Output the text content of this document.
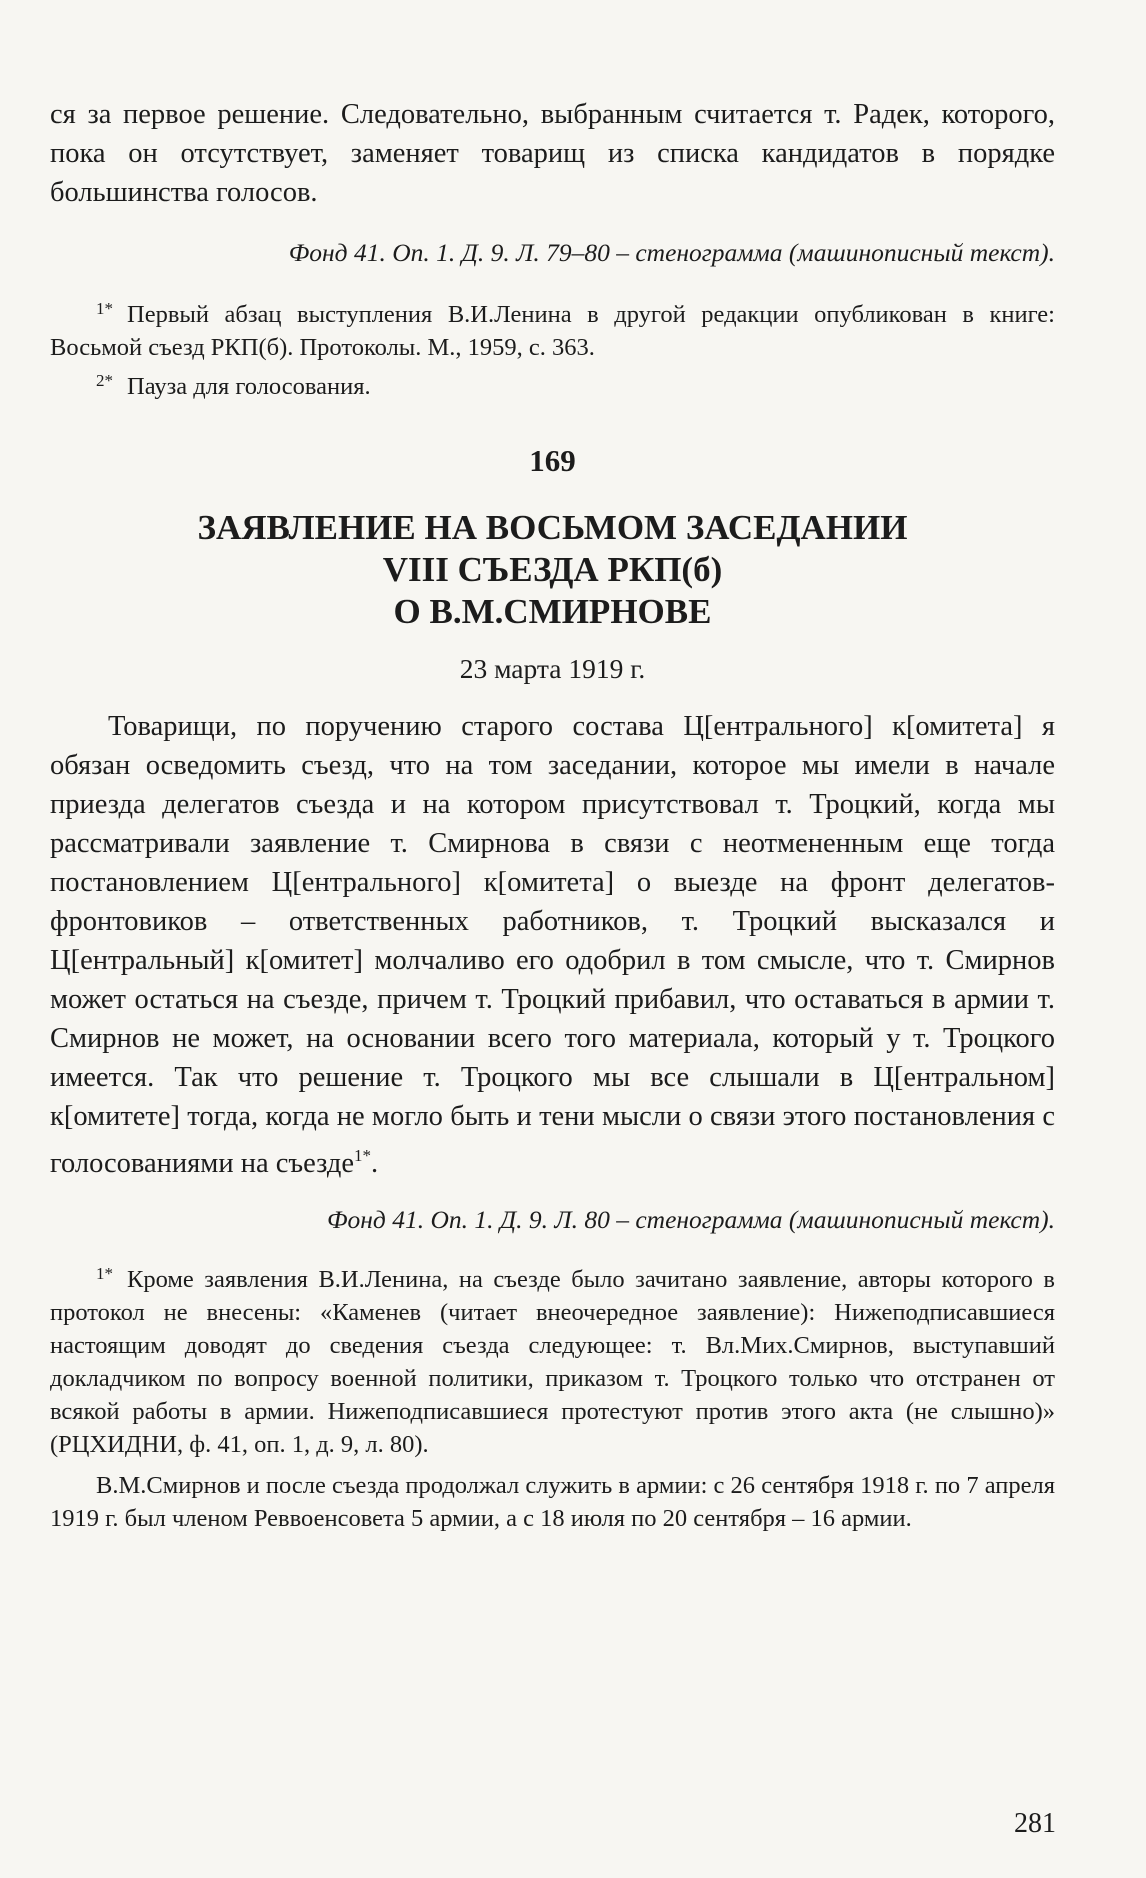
ся за первое решение. Следовательно, выбранным считается т. Радек, которого, пока он отсутствует, заменяет товарищ из списка кандидатов в порядке большинства голосов.

Фонд 41. Оп. 1. Д. 9. Л. 79–80 – стенограмма (машинописный текст).

$^{1*}$ Первый абзац выступления В.И.Ленина в другой редакции опубликован в книге: Восьмой съезд РКП(б). Протоколы. М., 1959, с. 363.

$^{2*}$ Пауза для голосования.

169
ЗАЯВЛЕНИЕ НА ВОСЬМОМ ЗАСЕДАНИИ
VIII СЪЕЗДА РКП(б)
О В.М.СМИРНОВЕ
23 марта 1919 г.

Товарищи, по поручению старого состава Ц[ентрального] к[омитета] я обязан осведомить съезд, что на том заседании, которое мы имели в начале приезда делегатов съезда и на котором присутствовал т. Троцкий, когда мы рассматривали заявление т. Смирнова в связи с неотмененным еще тогда постановлением Ц[ентрального] к[омитета] о выезде на фронт делегатов-фронтовиков – ответственных работников, т. Троцкий высказался и Ц[ентральный] к[омитет] молчаливо его одобрил в том смысле, что т. Смирнов может остаться на съезде, причем т. Троцкий прибавил, что оставаться в армии т. Смирнов не может, на основании всего того материала, который у т. Троцкого имеется. Так что решение т. Троцкого мы все слышали в Ц[ентральном] к[омитете] тогда, когда не могло быть и тени мысли о связи этого постановления с голосованиями на съезде$^{1*}$.

Фонд 41. Оп. 1. Д. 9. Л. 80 – стенограмма (машинописный текст).

$^{1*}$ Кроме заявления В.И.Ленина, на съезде было зачитано заявление, авторы которого в протокол не внесены: «Каменев (читает внеочередное заявление): Нижеподписавшиеся настоящим доводят до сведения съезда следующее: т. Вл.Мих.Смирнов, выступавший докладчиком по вопросу военной политики, приказом т. Троцкого только что отстранен от всякой работы в армии. Нижеподписавшиеся протестуют против этого акта (не слышно)» (РЦХИДНИ, ф. 41, оп. 1, д. 9, л. 80).

В.М.Смирнов и после съезда продолжал служить в армии: с 26 сентября 1918 г. по 7 апреля 1919 г. был членом Реввоенсовета 5 армии, а с 18 июля по 20 сентября – 16 армии.

281
